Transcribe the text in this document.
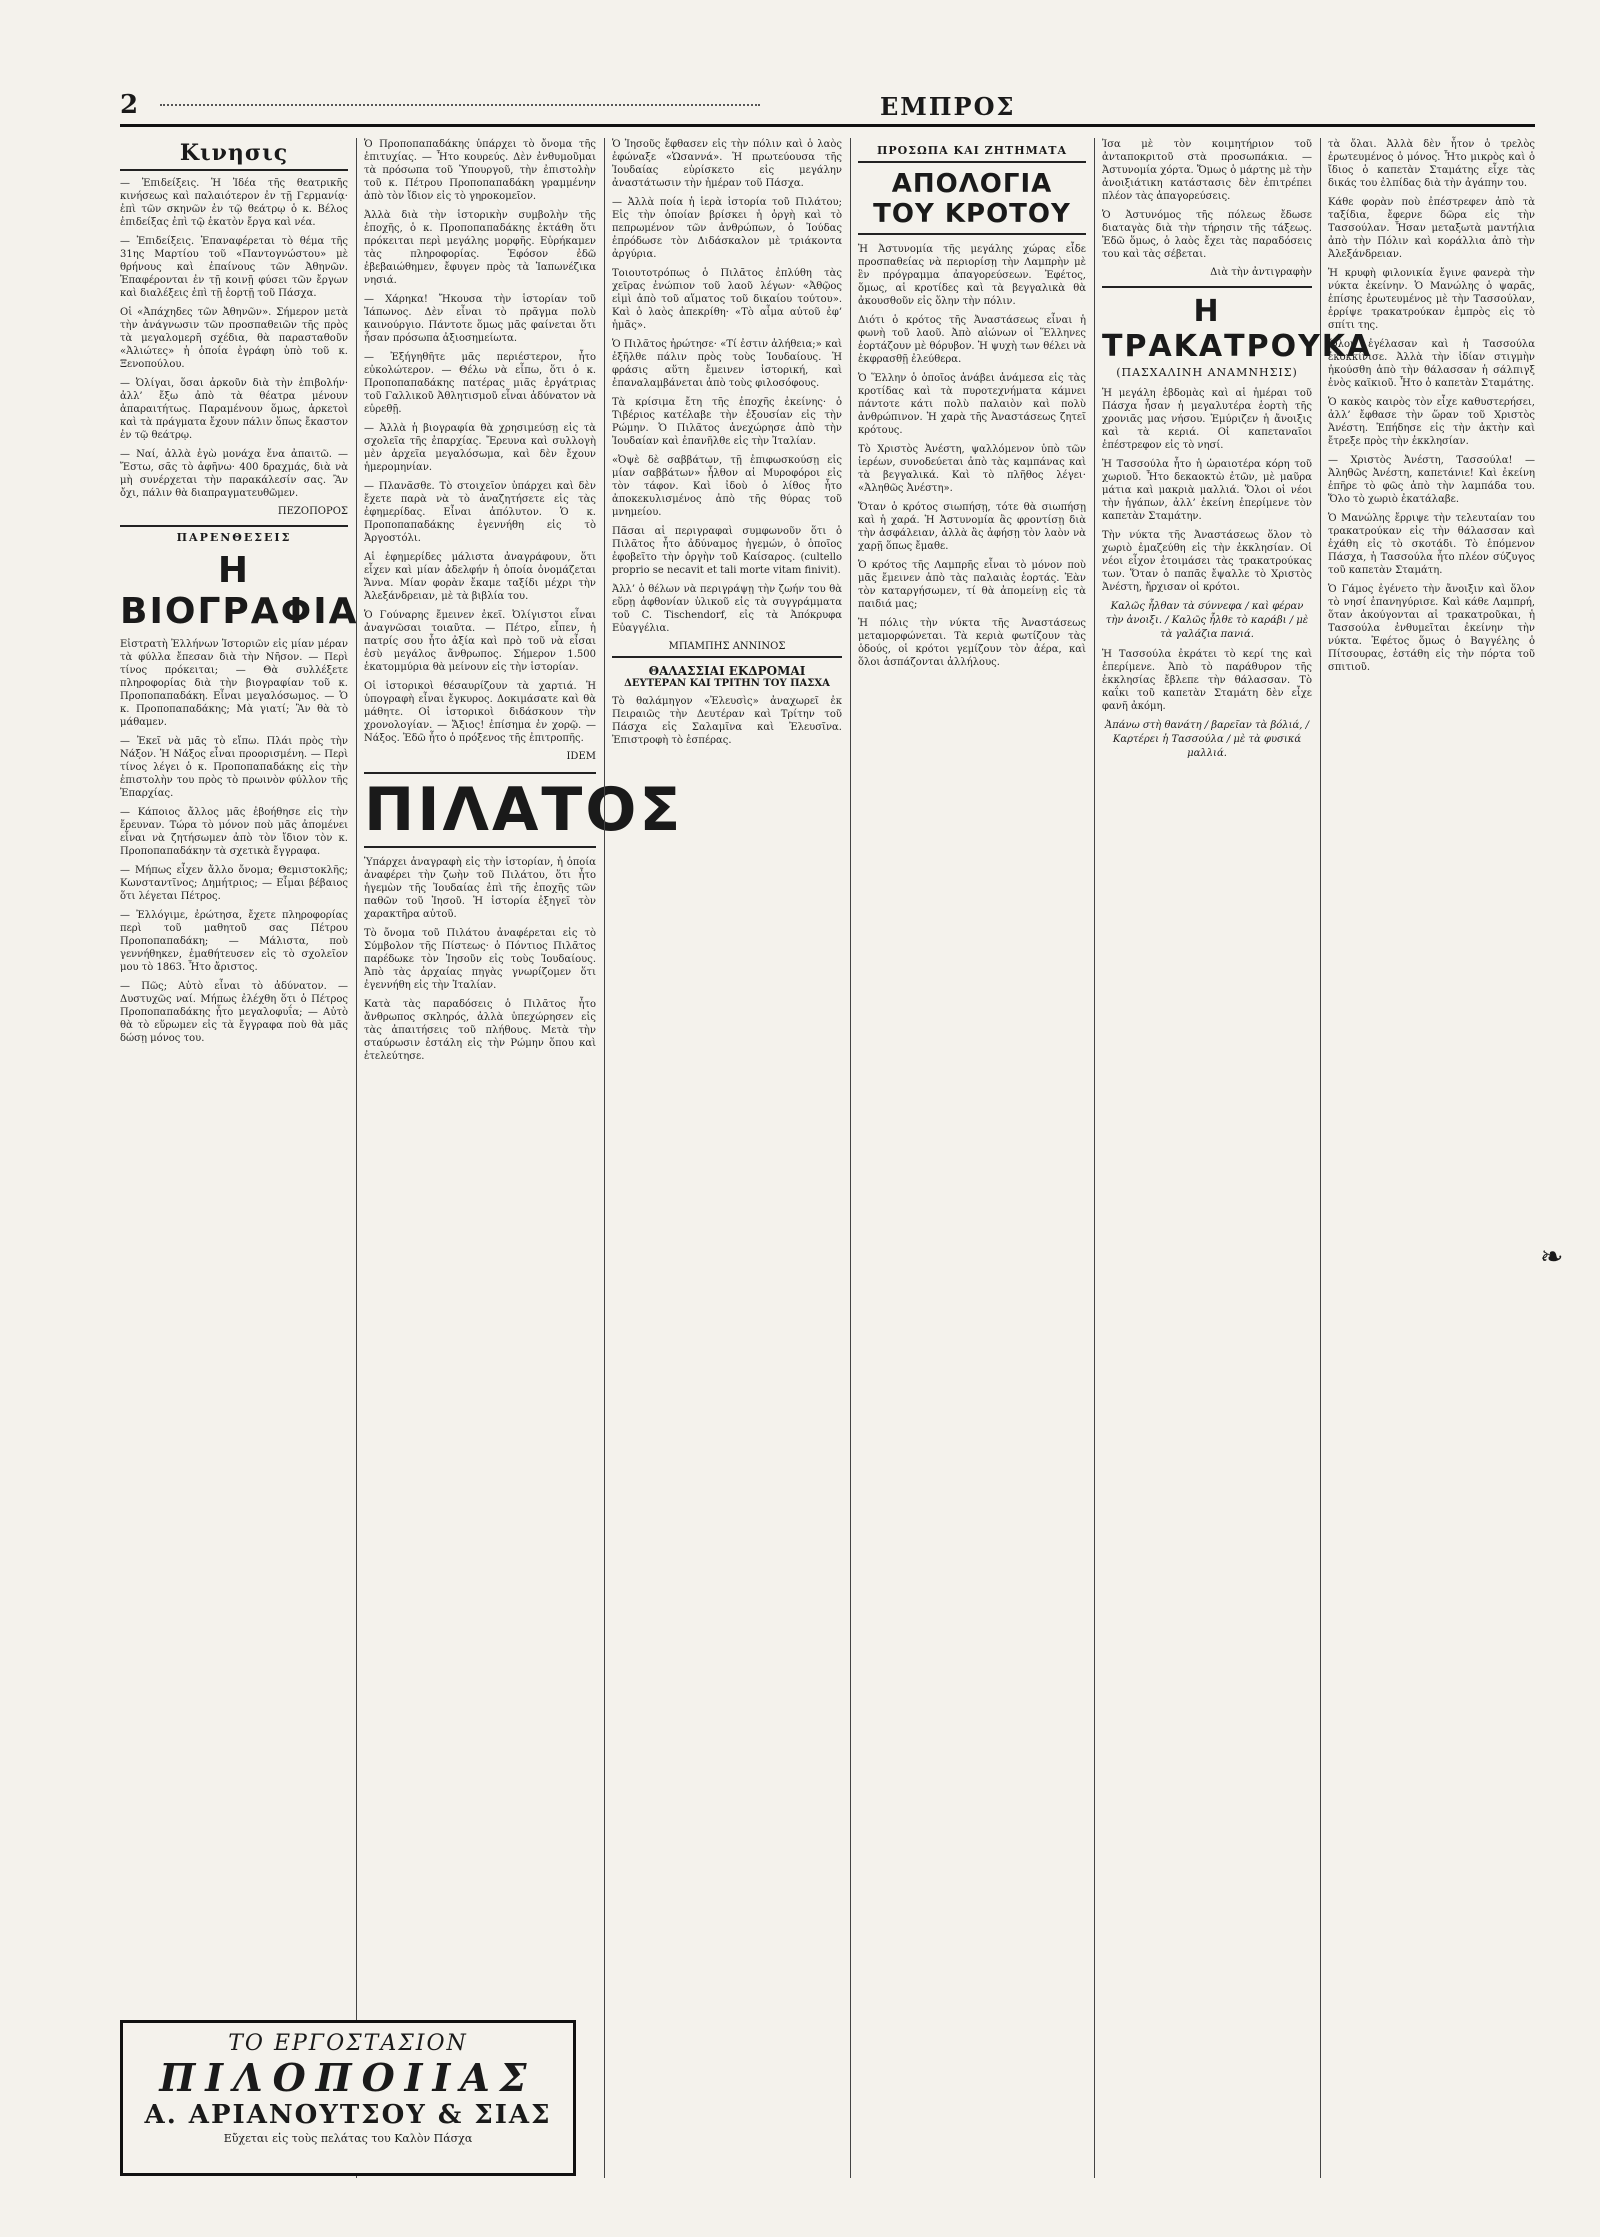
2	ΕΜΠΡΟΣ
Κινησις

— Ἐπιδείξεις. Ἡ Ἰδέα τῆς θεατρικῆς κινήσεως καὶ παλαιότερον ἐν τῇ Γερμανίᾳ· ἐπὶ τῶν σκηνῶν ἐν τῷ θεάτρῳ ὁ κ. Βέλος ἐπιδείξας ἐπὶ τῷ ἐκατὸν ἔργα καὶ νέα.

— Ἐπιδείξεις. Ἐπαναφέρεται τὸ θέμα τῆς 31ης Μαρτίου τοῦ «Παντογνώστου» μὲ θρήνους καὶ ἐπαίνους τῶν Ἀθηνῶν. Ἐπαφέρονται ἐν τῇ κοινῇ φύσει τῶν ἔργων καὶ διαλέξεις ἐπὶ τῇ ἑορτῇ τοῦ Πάσχα.

Οἱ «Ἀπάχηδες τῶν Ἀθηνῶν». Σήμερον μετὰ τὴν ἀνάγνωσιν τῶν προσπαθειῶν τῆς πρὸς τὰ μεγαλομερῆ σχέδια, θὰ παρασταθοῦν «Ἀλιώτες» ἡ ὁποία ἐγράφη ὑπὸ τοῦ κ. Ξενοπούλου.

— Ὀλίγαι, ὅσαι ἀρκοῦν διὰ τὴν ἐπιβολήν· ἀλλ’ ἔξω ἀπὸ τὰ θέατρα μένουν ἀπαραιτήτως. Παραμένουν ὅμως, ἀρκετοὶ καὶ τὰ πράγματα ἔχουν πάλιν ὅπως ἔκαστον ἐν τῷ θεάτρῳ.

— Ναί, ἀλλὰ ἐγὼ μονάχα ἔνα ἀπαιτῶ. — Ἔστω, σᾶς τὸ ἀφῆνω· 400 δραχμάς, διὰ νὰ μὴ συνέρχεται τὴν παρακάλεσίν σας. Ἂν ὄχι, πάλιν θὰ διαπραγματευθῶμεν.

ΠΕΖΟΠΟΡΟΣ
ΠΑΡΕΝΘΕΣΕΙΣ
Η ΒΙΟΓΡΑΦΙΑ

Εἰστρατὴ Ἐλλήνων Ἱστοριῶν εἰς μίαν μέραν τὰ φύλλα ἔπεσαν διὰ τὴν Νῆσον. — Περὶ τίνος πρόκειται; — Θὰ συλλέξετε πληροφορίας διὰ τὴν βιογραφίαν τοῦ κ. Προποπαπαδάκη. Εἶναι μεγαλόσωμος. — Ὁ κ. Προποπαπαδάκης; Μὰ γιατί; Ἂν θὰ τὸ μάθαμεν.

— Ἐκεῖ νὰ μᾶς τὸ εἴπω. Πλάι πρὸς τὴν Νάξον. Ἡ Νάξος εἶναι προορισμένη. — Περὶ τίνος λέγει ὁ κ. Προποπαπαδάκης εἰς τὴν ἐπιστολὴν του πρὸς τὸ πρωινὸν φύλλον τῆς Ἐπαρχίας.

— Κάποιος ἄλλος μᾶς ἐβοήθησε εἰς τὴν ἔρευναν. Τώρα τὸ μόνον ποὺ μᾶς ἀπομένει εἶναι νὰ ζητήσωμεν ἀπὸ τὸν ἴδιον τὸν κ. Προποπαπαδάκην τὰ σχετικὰ ἔγγραφα.

— Μήπως εἶχεν ἄλλο ὄνομα; Θεμιστοκλῆς; Κωνσταντῖνος; Δημήτριος; — Εἶμαι βέβαιος ὅτι λέγεται Πέτρος.

— Ἐλλόγιμε, ἐρώτησα, ἔχετε πληροφορίας περὶ τοῦ μαθητοῦ σας Πέτρου Προποπαπαδάκη; — Μάλιστα, ποὺ γεννήθηκεν, ἐμαθήτευσεν εἰς τὸ σχολεῖον μου τὸ 1863. Ἦτο ἄριστος.

— Πῶς; Αὐτὸ εἶναι τὸ ἀδύνατον. — Δυστυχῶς ναί. Μήπως ἐλέχθη ὅτι ὁ Πέτρος Προποπαπαδάκης ἦτο μεγαλοφυΐα; — Αὐτὸ θὰ τὸ εὕρωμεν εἰς τὰ ἔγγραφα ποὺ θὰ μᾶς δώσῃ μόνος του.

Ὁ Προποπαπαδάκης ὑπάρχει τὸ ὄνομα τῆς ἐπιτυχίας. — Ἦτο κουρεύς. Δὲν ἐνθυμοῦμαι τὰ πρόσωπα τοῦ Ὑπουργοῦ, τὴν ἐπιστολὴν τοῦ κ. Πέτρου Προποπαπαδάκη γραμμένην ἀπὸ τὸν ἴδιον εἰς τὸ γηροκομεῖον.

Ἀλλὰ διὰ τὴν ἱστορικὴν συμβολὴν τῆς ἐποχῆς, ὁ κ. Προποπαπαδάκης ἐκτάθη ὅτι πρόκειται περὶ μεγάλης μορφῆς. Εὑρήκαμεν τὰς πληροφορίας. Ἐφόσον ἐδῶ ἐβεβαιώθημεν, ἔφυγεν πρὸς τὰ Ἰαπωνέζικα νησιά.

— Χάρηκα! Ἤκουσα τὴν ἱστορίαν τοῦ Ἰάπωνος. Δὲν εἶναι τὸ πρᾶγμα πολὺ καινούργιο. Πάντοτε ὅμως μᾶς φαίνεται ὅτι ἦσαν πρόσωπα ἀξιοσημείωτα.

— Ἐξήγηθῆτε μᾶς περιέστερον, ἦτο εὐκολώτερον. — Θέλω νὰ εἶπω, ὅτι ὁ κ. Προποπαπαδάκης πατέρας μιᾶς ἐργάτριας τοῦ Γαλλικοῦ Ἀθλητισμοῦ εἶναι ἀδύνατον νὰ εὑρεθῇ.

— Ἀλλὰ ἡ βιογραφία θὰ χρησιμεύσῃ εἰς τὰ σχολεῖα τῆς ἐπαρχίας. Ἔρευνα καὶ συλλογὴ μὲν ἀρχεῖα μεγαλόσωμα, καὶ δὲν ἔχουν ἡμερομηνίαν.

— Πλανᾶσθε. Τὸ στοιχεῖον ὑπάρχει καὶ δὲν ἔχετε παρὰ νὰ τὸ ἀναζητήσετε εἰς τὰς ἐφημερίδας. Εἶναι ἀπόλυτον. Ὁ κ. Προποπαπαδάκης ἐγεννήθη εἰς τὸ Ἀργοστόλι.

Αἱ ἐφημερίδες μάλιστα ἀναγράφουν, ὅτι εἶχεν καὶ μίαν ἀδελφήν ἡ ὁποία ὀνομάζεται Ἄννα. Μίαν φορὰν ἔκαμε ταξίδι μέχρι τὴν Ἀλεξάνδρειαν, μὲ τὰ βιβλία του.

Ὁ Γούναρης ἔμεινεν ἐκεῖ. Ὀλίγιστοι εἶναι ἀναγνῶσαι τοιαῦτα. — Πέτρο, εἶπεν, ἡ πατρίς σου ἦτο ἀξία καὶ πρὸ τοῦ νὰ εἶσαι ἐσὺ μεγάλος ἄνθρωπος. Σήμερον 1.500 ἑκατομμύρια θὰ μείνουν εἰς τὴν ἱστορίαν.

Οἱ ἱστορικοὶ θέσαυρίζουν τὰ χαρτιά. Ἡ ὑπογραφὴ εἶναι ἔγκυρος. Δοκιμάσατε καὶ θὰ μάθητε. Οἱ ἱστορικοὶ διδάσκουν τὴν χρονολογίαν. — Ἄξιος! ἐπίσημα ἐν χορῷ. — Νάξος. Ἐδῶ ἦτο ὁ πρόξενος τῆς ἐπιτροπῆς.

IDEM
ΠΙΛΑΤΟΣ

Ὑπάρχει ἀναγραφὴ εἰς τὴν ἱστορίαν, ἡ ὁποία ἀναφέρει τὴν ζωὴν τοῦ Πιλάτου, ὅτι ἦτο ἡγεμὼν τῆς Ἰουδαίας ἐπὶ τῆς ἐποχῆς τῶν παθῶν τοῦ Ἰησοῦ. Ἡ ἱστορία ἐξηγεῖ τὸν χαρακτῆρα αὐτοῦ.

Τὸ ὄνομα τοῦ Πιλάτου ἀναφέρεται εἰς τὸ Σύμβολον τῆς Πίστεως· ὁ Πόντιος Πιλᾶτος παρέδωκε τὸν Ἰησοῦν εἰς τοὺς Ἰουδαίους. Ἀπὸ τὰς ἀρχαίας πηγὰς γνωρίζομεν ὅτι ἐγεννήθη εἰς τὴν Ἰταλίαν.

Κατὰ τὰς παραδόσεις ὁ Πιλᾶτος ἦτο ἄνθρωπος σκληρός, ἀλλὰ ὑπεχώρησεν εἰς τὰς ἀπαιτήσεις τοῦ πλήθους. Μετὰ τὴν σταύρωσιν ἐστάλη εἰς τὴν Ρώμην ὅπου καὶ ἐτελεύτησε.

Ὁ Ἰησοῦς ἔφθασεν εἰς τὴν πόλιν καὶ ὁ λαὸς ἐφώναξε «Ὡσαννά». Ἡ πρωτεύουσα τῆς Ἰουδαίας εὑρίσκετο εἰς μεγάλην ἀναστάτωσιν τὴν ἡμέραν τοῦ Πάσχα.

— Ἀλλὰ ποία ἡ ἱερὰ ἱστορία τοῦ Πιλάτου; Εἰς τὴν ὁποίαν βρίσκει ἡ ὀργὴ καὶ τὸ πεπρωμένον τῶν ἀνθρώπων, ὁ Ἰούδας ἐπρόδωσε τὸν Διδάσκαλον μὲ τριάκοντα ἀργύρια.

Τοιουτοτρόπως ὁ Πιλᾶτος ἐπλύθη τὰς χεῖρας ἐνώπιον τοῦ λαοῦ λέγων· «Ἀθῷος εἰμὶ ἀπὸ τοῦ αἵματος τοῦ δικαίου τούτου». Καὶ ὁ λαὸς ἀπεκρίθη· «Τὸ αἷμα αὐτοῦ ἐφ’ ἡμᾶς».

Ὁ Πιλᾶτος ἠρώτησε· «Τί ἐστιν ἀλήθεια;» καὶ ἐξῆλθε πάλιν πρὸς τοὺς Ἰουδαίους. Ἡ φράσις αὕτη ἔμεινεν ἱστορική, καὶ ἐπαναλαμβάνεται ἀπὸ τοὺς φιλοσόφους.

Τὰ κρίσιμα ἔτη τῆς ἐποχῆς ἐκείνης· ὁ Τιβέριος κατέλαβε τὴν ἐξουσίαν εἰς τὴν Ρώμην. Ὁ Πιλᾶτος ἀνεχώρησε ἀπὸ τὴν Ἰουδαίαν καὶ ἐπανῆλθε εἰς τὴν Ἰταλίαν.

«Ὀψὲ δὲ σαββάτων, τῇ ἐπιφωσκούσῃ εἰς μίαν σαββάτων» ἦλθον αἱ Μυροφόροι εἰς τὸν τάφον. Καὶ ἰδοὺ ὁ λίθος ἦτο ἀποκεκυλισμένος ἀπὸ τῆς θύρας τοῦ μνημείου.

Πᾶσαι αἱ περιγραφαὶ συμφωνοῦν ὅτι ὁ Πιλᾶτος ἦτο ἀδύναμος ἡγεμών, ὁ ὁποῖος ἐφοβεῖτο τὴν ὀργὴν τοῦ Καίσαρος. (cultello proprio se necavit et tali morte vitam finivit).

Ἀλλ’ ὁ θέλων νὰ περιγράψῃ τὴν ζωήν του θὰ εὕρῃ ἀφθονίαν ὑλικοῦ εἰς τὰ συγγράμματα τοῦ C. Tischendorf, εἰς τὰ Ἀπόκρυφα Εὐαγγέλια.

ΜΠΑΜΠΗΣ ΑΝΝΙΝΟΣ
ΘΑΛΑΣΣΙΑΙ ΕΚΔΡΟΜΑΙ
ΔΕΥΤΕΡΑΝ ΚΑΙ ΤΡΙΤΗΝ ΤΟΥ ΠΑΣΧΑ

Τὸ θαλάμηγον «Ἐλευσὶς» ἀναχωρεῖ ἐκ Πειραιῶς τὴν Δευτέραν καὶ Τρίτην τοῦ Πάσχα εἰς Σαλαμῖνα καὶ Ἐλευσῖνα. Ἐπιστροφὴ τὸ ἑσπέρας.

ΠΡΟΣΩΠΑ ΚΑΙ ΖΗΤΗΜΑΤΑ
ΑΠΟΛΟΓΙΑ ΤΟΥ ΚΡΟΤΟΥ

Ἡ Ἀστυνομία τῆς μεγάλης χώρας εἶδε προσπαθείας νὰ περιορίσῃ τὴν Λαμπρὴν μὲ ἓν πρόγραμμα ἀπαγορεύσεων. Ἐφέτος, ὅμως, αἱ κροτίδες καὶ τὰ βεγγαλικὰ θὰ ἀκουσθοῦν εἰς ὅλην τὴν πόλιν.

Διότι ὁ κρότος τῆς Ἀναστάσεως εἶναι ἡ φωνὴ τοῦ λαοῦ. Ἀπὸ αἰώνων οἱ Ἕλληνες ἑορτάζουν μὲ θόρυβον. Ἡ ψυχὴ των θέλει νὰ ἐκφρασθῇ ἐλεύθερα.

Ὁ Ἕλλην ὁ ὁποῖος ἀνάβει ἀνάμεσα εἰς τὰς κροτίδας καὶ τὰ πυροτεχνήματα κάμνει πάντοτε κάτι πολὺ παλαιὸν καὶ πολὺ ἀνθρώπινον. Ἡ χαρὰ τῆς Ἀναστάσεως ζητεῖ κρότους.

Τὸ Χριστὸς Ἀνέστη, ψαλλόμενον ὑπὸ τῶν ἱερέων, συνοδεύεται ἀπὸ τὰς καμπάνας καὶ τὰ βεγγαλικά. Καὶ τὸ πλῆθος λέγει· «Ἀληθῶς Ἀνέστη».

Ὅταν ὁ κρότος σιωπήσῃ, τότε θὰ σιωπήσῃ καὶ ἡ χαρά. Ἡ Ἀστυνομία ἂς φροντίσῃ διὰ τὴν ἀσφάλειαν, ἀλλὰ ἂς ἀφήσῃ τὸν λαὸν νὰ χαρῇ ὅπως ἔμαθε.

Ὁ κρότος τῆς Λαμπρῆς εἶναι τὸ μόνον ποὺ μᾶς ἔμεινεν ἀπὸ τὰς παλαιὰς ἑορτάς. Ἐὰν τὸν καταργήσωμεν, τί θὰ ἀπομείνῃ εἰς τὰ παιδιά μας;

Ἡ πόλις τὴν νύκτα τῆς Ἀναστάσεως μεταμορφώνεται. Τὰ κεριὰ φωτίζουν τὰς ὁδούς, οἱ κρότοι γεμίζουν τὸν ἀέρα, καὶ ὅλοι ἀσπάζονται ἀλλήλους.

Ἰσα μὲ τὸν κοιμητήριον τοῦ ἀνταποκριτοῦ στὰ προσωπάκια. — Ἀστυνομία χόρτα. Ὅμως ὁ μάρτης μὲ τὴν ἀνοιξιάτικη κατάστασις δὲν ἐπιτρέπει πλέον τὰς ἀπαγορεύσεις.

Ὁ Ἀστυνόμος τῆς πόλεως ἔδωσε διαταγὰς διὰ τὴν τήρησιν τῆς τάξεως. Ἐδῶ ὅμως, ὁ λαὸς ἔχει τὰς παραδόσεις του καὶ τὰς σέβεται.

Διὰ τὴν ἀντιγραφὴν
Η ΤΡΑΚΑΤΡΟΥΚΑ
(ΠΑΣΧΑΛΙΝΗ ΑΝΑΜΝΗΣΙΣ)

Ἡ μεγάλη ἑβδομὰς καὶ αἱ ἡμέραι τοῦ Πάσχα ἦσαν ἡ μεγαλυτέρα ἑορτὴ τῆς χρονιᾶς μας νήσου. Ἐμύριζεν ἡ ἄνοιξις καὶ τὰ κεριά. Οἱ καπεταναῖοι ἐπέστρεφον εἰς τὸ νησί.

Ἡ Τασσούλα ἦτο ἡ ὡραιοτέρα κόρη τοῦ χωριοῦ. Ἦτο δεκαοκτὼ ἐτῶν, μὲ μαῦρα μάτια καὶ μακριὰ μαλλιά. Ὅλοι οἱ νέοι τὴν ἠγάπων, ἀλλ’ ἐκείνη ἐπερίμενε τὸν καπετὰν Σταμάτην.

Τὴν νύκτα τῆς Ἀναστάσεως ὅλον τὸ χωριὸ ἐμαζεύθη εἰς τὴν ἐκκλησίαν. Οἱ νέοι εἶχον ἑτοιμάσει τὰς τρακατρούκας των. Ὅταν ὁ παπᾶς ἔψαλλε τὸ Χριστὸς Ἀνέστη, ἤρχισαν οἱ κρότοι.

Καλῶς ἦλθαν τὰ σύννεφα / καὶ φέραν τὴν ἀνοιξι. / Καλῶς ἦλθε τὸ καράβι / μὲ τὰ γαλάζια πανιά.

Ἡ Τασσούλα ἐκράτει τὸ κερί της καὶ ἐπερίμενε. Ἀπὸ τὸ παράθυρον τῆς ἐκκλησίας ἔβλεπε τὴν θάλασσαν. Τὸ καΐκι τοῦ καπετὰν Σταμάτη δὲν εἶχε φανῆ ἀκόμη.

Ἀπάνω στὴ θανάτη / βαρεῖαν τὰ βόλιά, / Καρτέρει ἡ Τασσούλα / μὲ τὰ φυσικά μαλλιά.

τὰ ὄλαι. Ἀλλὰ δὲν ἦτον ὁ τρελὸς ἐρωτευμένος ὁ μόνος. Ἦτο μικρὸς καὶ ὁ ἴδιος ὁ καπετὰν Σταμάτης εἶχε τὰς δικάς του ἐλπίδας διὰ τὴν ἀγάπην του.

Κάθε φορὰν ποὺ ἐπέστρεφεν ἀπὸ τὰ ταξίδια, ἔφερνε δῶρα εἰς τὴν Τασσούλαν. Ἦσαν μεταξωτὰ μαντήλια ἀπὸ τὴν Πόλιν καὶ κοράλλια ἀπὸ τὴν Ἀλεξάνδρειαν.

Ἡ κρυφὴ φιλονικία ἔγινε φανερὰ τὴν νύκτα ἐκείνην. Ὁ Μανώλης ὁ ψαρᾶς, ἐπίσης ἐρωτευμένος μὲ τὴν Τασσούλαν, ἐρρίψε τρακατρούκαν ἐμπρὸς εἰς τὸ σπίτι της.

Ὅλοι ἐγέλασαν καὶ ἡ Τασσούλα ἐκοκκίνισε. Ἀλλὰ τὴν ἰδίαν στιγμὴν ἠκούσθη ἀπὸ τὴν θάλασσαν ἡ σάλπιγξ ἑνὸς καϊκιοῦ. Ἦτο ὁ καπετὰν Σταμάτης.

Ὁ κακὸς καιρὸς τὸν εἶχε καθυστερήσει, ἀλλ’ ἔφθασε τὴν ὥραν τοῦ Χριστὸς Ἀνέστη. Ἐπήδησε εἰς τὴν ἀκτὴν καὶ ἔτρεξε πρὸς τὴν ἐκκλησίαν.

— Χριστὸς Ἀνέστη, Τασσούλα! — Ἀληθῶς Ἀνέστη, καπετάνιε! Καὶ ἐκείνη ἐπῆρε τὸ φῶς ἀπὸ τὴν λαμπάδα του. Ὅλο τὸ χωριὸ ἐκατάλαβε.

Ὁ Μανώλης ἔρριψε τὴν τελευταίαν του τρακατρούκαν εἰς τὴν θάλασσαν καὶ ἐχάθη εἰς τὸ σκοτάδι. Τὸ ἑπόμενον Πάσχα, ἡ Τασσούλα ἦτο πλέον σύζυγος τοῦ καπετὰν Σταμάτη.

Ὁ Γάμος ἐγένετο τὴν ἄνοιξιν καὶ ὅλον τὸ νησί ἐπανηγύρισε. Καὶ κάθε Λαμπρή, ὅταν ἀκούγονται αἱ τρακατροῦκαι, ἡ Τασσούλα ἐνθυμεῖται ἐκείνην τὴν νύκτα. Ἐφέτος ὅμως ὁ Βαγγέλης ὁ Πίτσουρας, ἐστάθη εἰς τὴν πόρτα τοῦ σπιτιοῦ.

ΤΟ ΕΡΓΟΣΤΑΣΙΟΝ
ΠΙΛΟΠΟΙΙΑΣ
Α. ΑΡΙΑΝΟΥΤΣΟΥ & ΣΙΑΣ
Εὔχεται εἰς τοὺς πελάτας του Καλὸν Πάσχα
❧
